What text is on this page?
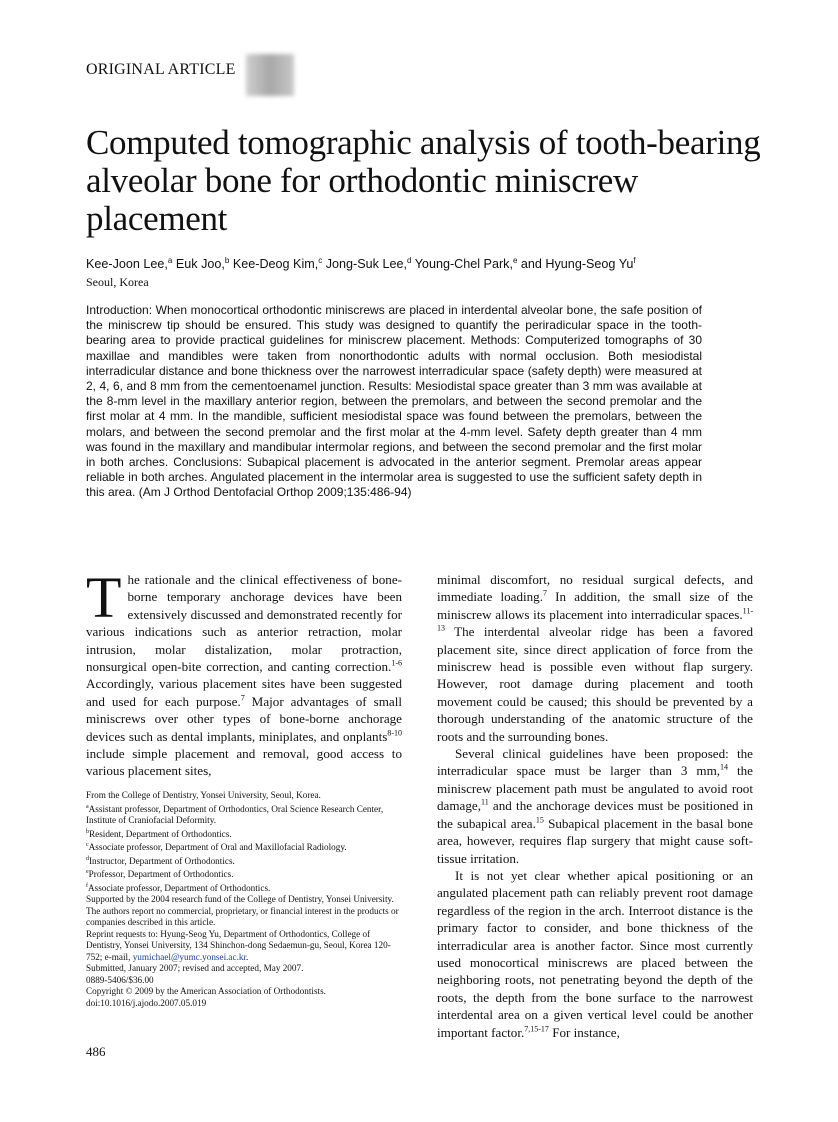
ORIGINAL ARTICLE
Computed tomographic analysis of tooth-bearing alveolar bone for orthodontic miniscrew placement
Kee-Joon Lee,$^a$ Euk Joo,$^b$ Kee-Deog Kim,$^c$ Jong-Suk Lee,$^d$ Young-Chel Park,$^e$ and Hyung-Seog Yu$^f$
Seoul, Korea
Introduction: When monocortical orthodontic miniscrews are placed in interdental alveolar bone, the safe position of the miniscrew tip should be ensured. This study was designed to quantify the periradicular space in the tooth-bearing area to provide practical guidelines for miniscrew placement. Methods: Computerized tomographs of 30 maxillae and mandibles were taken from nonorthodontic adults with normal occlusion. Both mesiodistal interradicular distance and bone thickness over the narrowest interradicular space (safety depth) were measured at 2, 4, 6, and 8 mm from the cementoenamel junction. Results: Mesiodistal space greater than 3 mm was available at the 8-mm level in the maxillary anterior region, between the premolars, and between the second premolar and the first molar at 4 mm. In the mandible, sufficient mesiodistal space was found between the premolars, between the molars, and between the second premolar and the first molar at the 4-mm level. Safety depth greater than 4 mm was found in the maxillary and mandibular intermolar regions, and between the second premolar and the first molar in both arches. Conclusions: Subapical placement is advocated in the anterior segment. Premolar areas appear reliable in both arches. Angulated placement in the intermolar area is suggested to use the sufficient safety depth in this area. (Am J Orthod Dentofacial Orthop 2009;135:486-94)

The rationale and the clinical effectiveness of bone-borne temporary anchorage devices have been extensively discussed and demonstrated recently for various indications such as anterior retraction, molar intrusion, molar distalization, molar protraction, nonsurgical open-bite correction, and canting correction.$^{1-6}$ Accordingly, various placement sites have been suggested and used for each purpose.$^7$ Major advantages of small miniscrews over other types of bone-borne anchorage devices such as dental implants, miniplates, and onplants$^{8-10}$ include simple placement and removal, good access to various placement sites,

From the College of Dentistry, Yonsei University, Seoul, Korea.
$^a$Assistant professor, Department of Orthodontics, Oral Science Research Center, Institute of Craniofacial Deformity.
$^b$Resident, Department of Orthodontics.
$^c$Associate professor, Department of Oral and Maxillofacial Radiology.
$^d$Instructor, Department of Orthodontics.
$^e$Professor, Department of Orthodontics.
$^f$Associate professor, Department of Orthodontics.
Supported by the 2004 research fund of the College of Dentistry, Yonsei University.
The authors report no commercial, proprietary, or financial interest in the products or companies described in this article.
Reprint requests to: Hyung-Seog Yu, Department of Orthodontics, College of Dentistry, Yonsei University, 134 Shinchon-dong Sedaemun-gu, Seoul, Korea 120-752; e-mail, yumichael@yumc.yonsei.ac.kr.
Submitted, January 2007; revised and accepted, May 2007.
0889-5406/$36.00
Copyright © 2009 by the American Association of Orthodontists.
doi:10.1016/j.ajodo.2007.05.019

minimal discomfort, no residual surgical defects, and immediate loading.$^7$ In addition, the small size of the miniscrew allows its placement into interradicular spaces.$^{11-13}$ The interdental alveolar ridge has been a favored placement site, since direct application of force from the miniscrew head is possible even without flap surgery. However, root damage during placement and tooth movement could be caused; this should be prevented by a thorough understanding of the anatomic structure of the roots and the surrounding bones.

Several clinical guidelines have been proposed: the interradicular space must be larger than 3 mm,$^{14}$ the miniscrew placement path must be angulated to avoid root damage,$^{11}$ and the anchorage devices must be positioned in the subapical area.$^{15}$ Subapical placement in the basal bone area, however, requires flap surgery that might cause soft-tissue irritation.

It is not yet clear whether apical positioning or an angulated placement path can reliably prevent root damage regardless of the region in the arch. Interroot distance is the primary factor to consider, and bone thickness of the interradicular area is another factor. Since most currently used monocortical miniscrews are placed between the neighboring roots, not penetrating beyond the depth of the roots, the depth from the bone surface to the narrowest interdental area on a given vertical level could be another important factor.$^{7,15-17}$ For instance,

486
